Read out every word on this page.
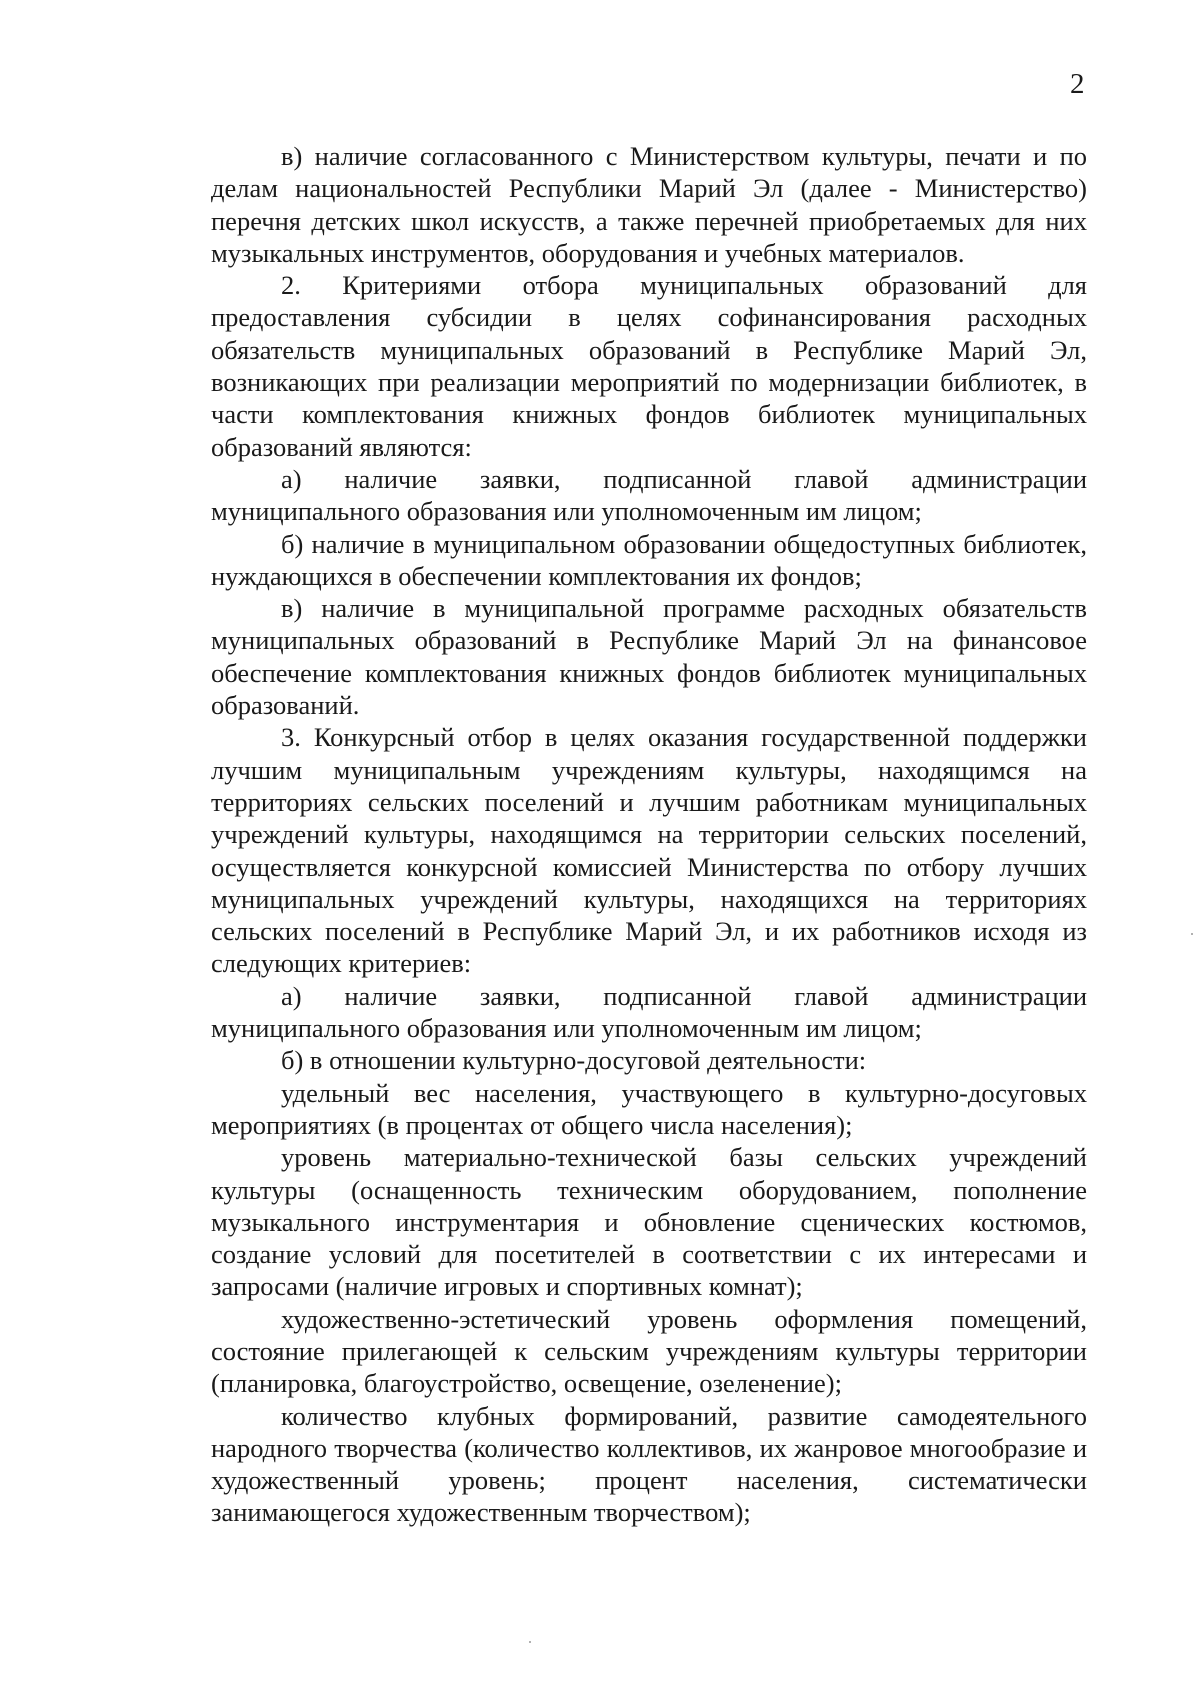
2

в) наличие согласованного с Министерством культуры, печати и по делам национальностей Республики Марий Эл (далее - Министерство) перечня детских школ искусств, а также перечней приобретаемых для них музыкальных инструментов, оборудования и учебных материалов.

2. Критериями отбора муниципальных образований для предоставления субсидии в целях софинансирования расходных обязательств муниципальных образований в Республике Марий Эл, возникающих при реализации мероприятий по модернизации библиотек, в части комплектования книжных фондов библиотек муниципальных образований являются:

а) наличие заявки, подписанной главой администрации муниципального образования или уполномоченным им лицом;

б) наличие в муниципальном образовании общедоступных библиотек, нуждающихся в обеспечении комплектования их фондов;

в) наличие в муниципальной программе расходных обязательств муниципальных образований в Республике Марий Эл на финансовое обеспечение комплектования книжных фондов библиотек муниципальных образований.

3. Конкурсный отбор в целях оказания государственной поддержки лучшим муниципальным учреждениям культуры, находящимся на территориях сельских поселений и лучшим работникам муниципальных учреждений культуры, находящимся на территории сельских поселений, осуществляется конкурсной комиссией Министерства по отбору лучших муниципальных учреждений культуры, находящихся на территориях сельских поселений в Республике Марий Эл, и их работников исходя из следующих критериев:

а) наличие заявки, подписанной главой администрации муниципального образования или уполномоченным им лицом;

б) в отношении культурно-досуговой деятельности:

удельный вес населения, участвующего в культурно-досуговых мероприятиях (в процентах от общего числа населения);

уровень материально-технической базы сельских учреждений культуры (оснащенность техническим оборудованием, пополнение музыкального инструментария и обновление сценических костюмов, создание условий для посетителей в соответствии с их интересами и запросами (наличие игровых и спортивных комнат);

художественно-эстетический уровень оформления помещений, состояние прилегающей к сельским учреждениям культуры территории (планировка, благоустройство, освещение, озеленение);

количество клубных формирований, развитие самодеятельного народного творчества (количество коллективов, их жанровое многообразие и художественный уровень; процент населения, систематически занимающегося художественным творчеством);
